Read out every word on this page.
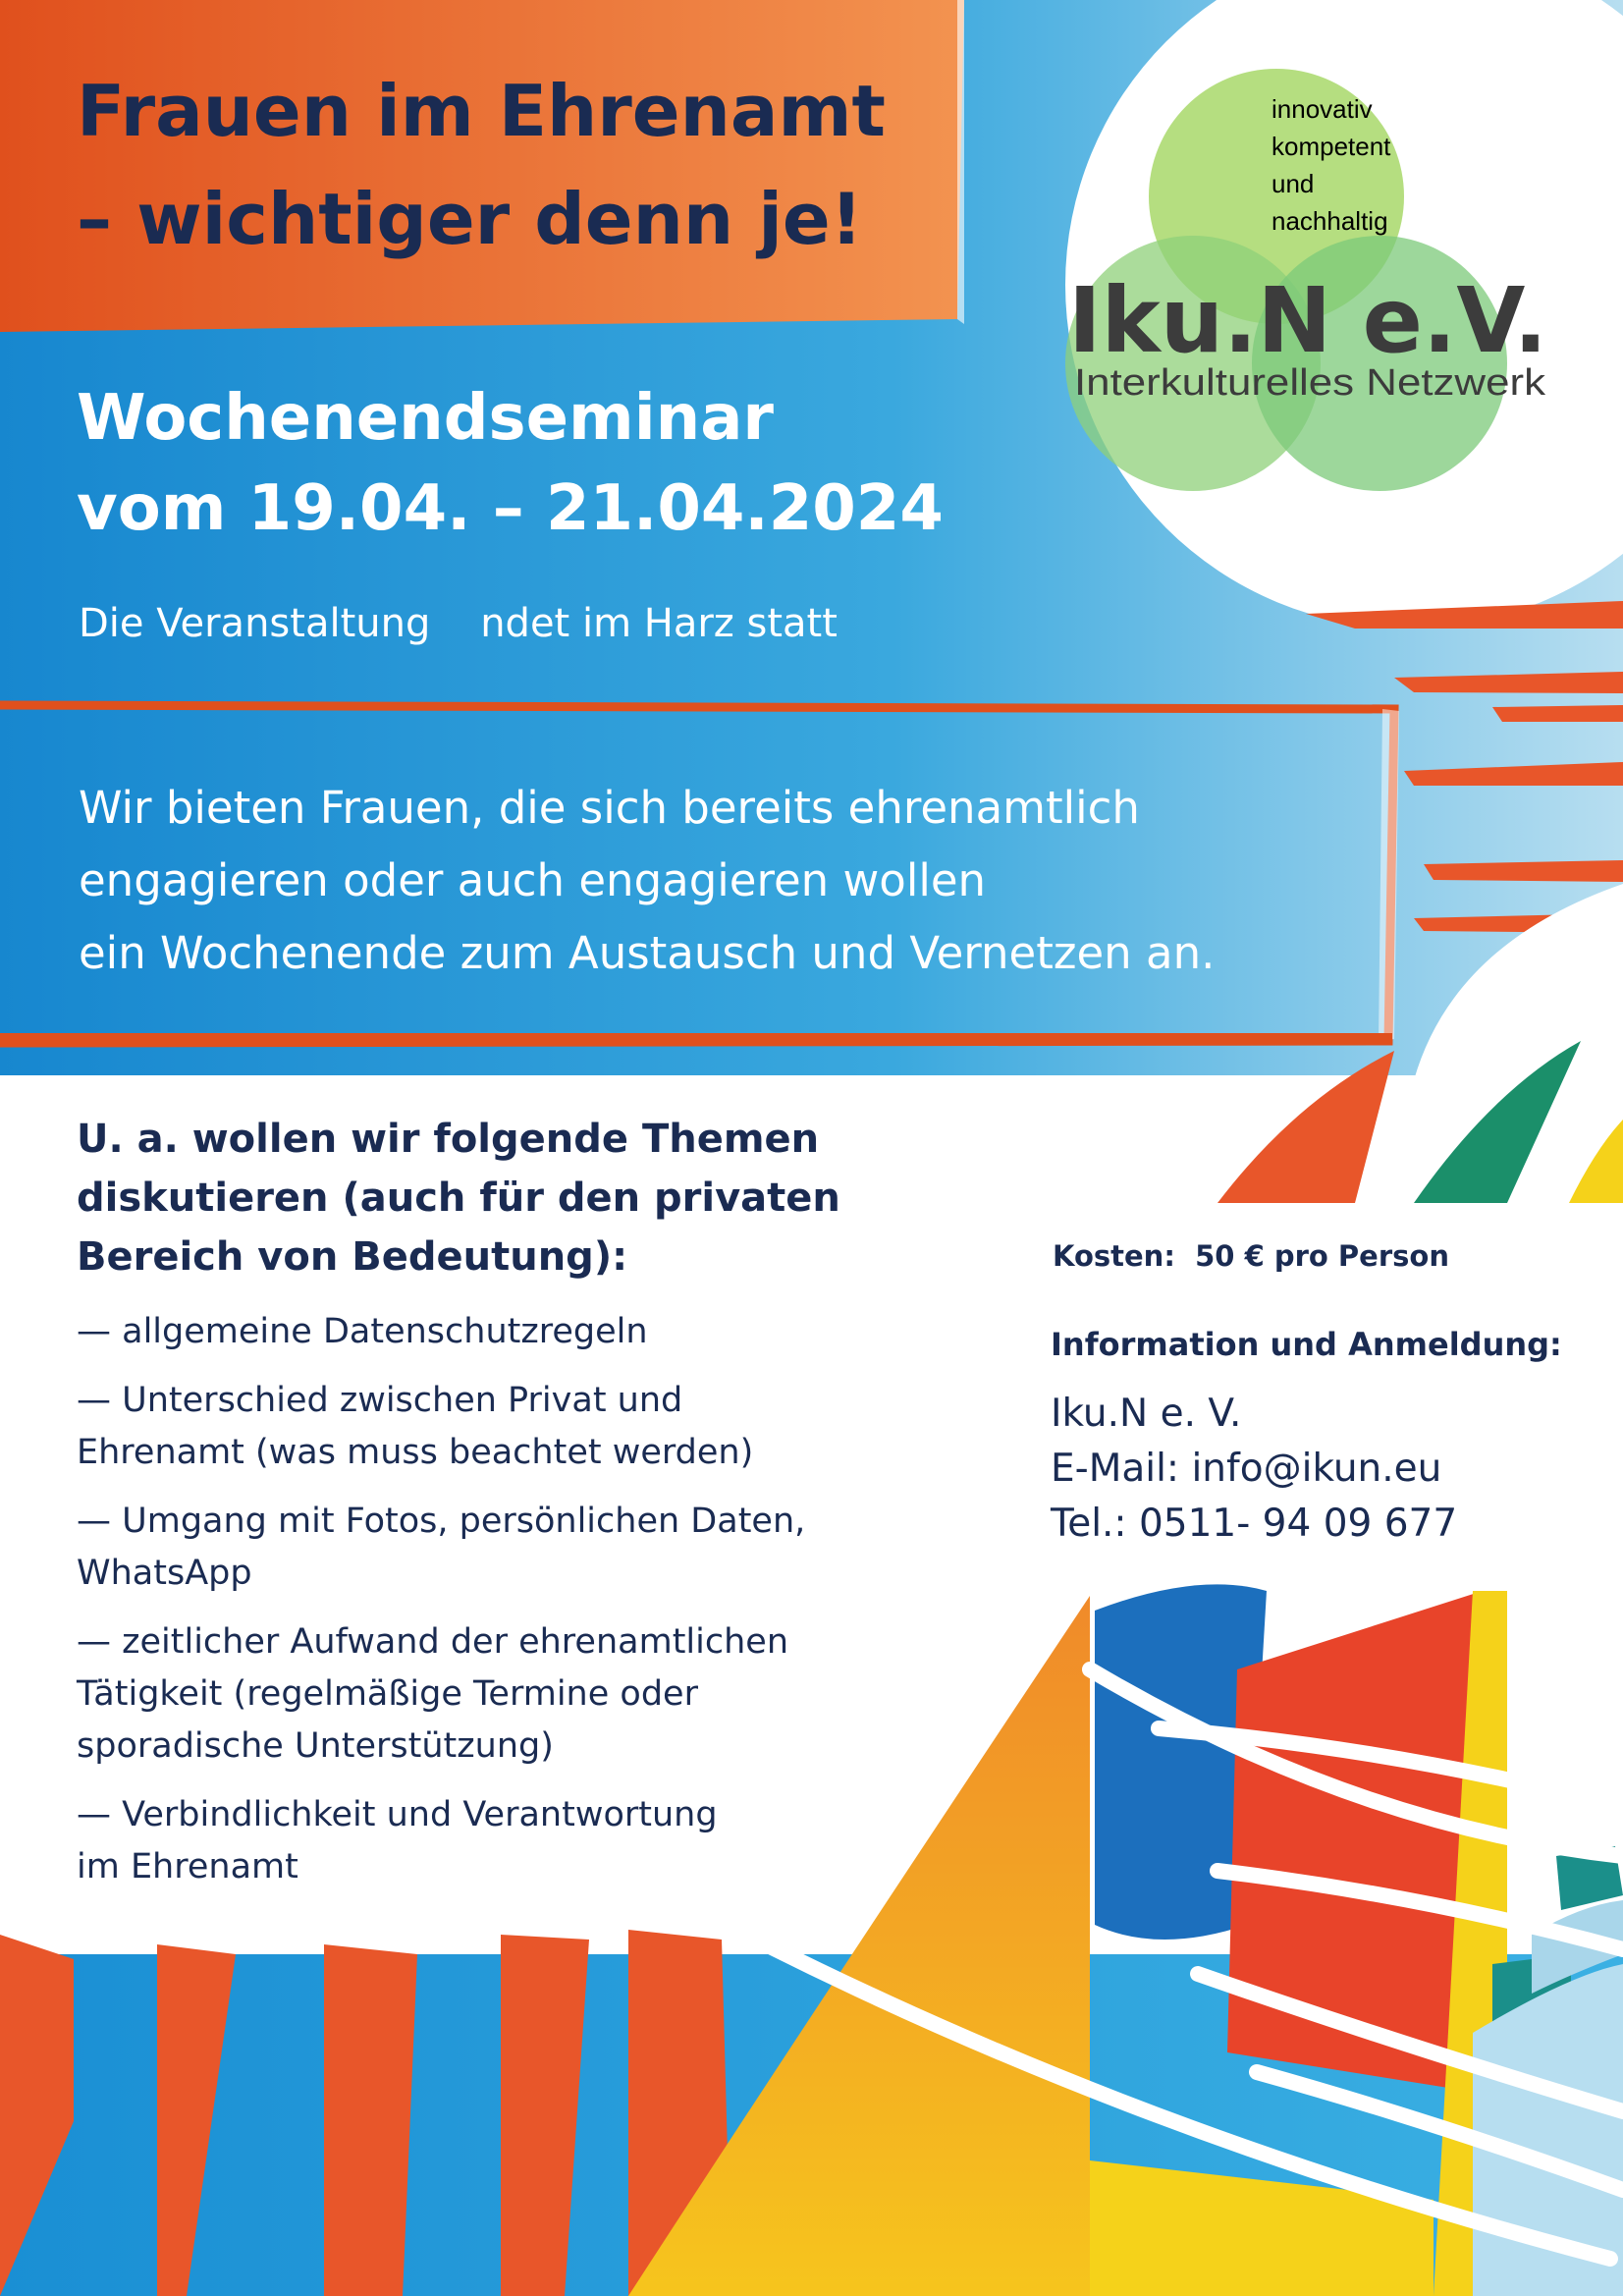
innovativ
kompetent
und
nachhaltig
Iku.N e.V.
Interkulturelles Netzwerk
Frauen im Ehrenamt
– wichtiger denn je!
Wochenendseminar
vom 19.04. – 21.04.2024
Die Veranstaltung    ndet im Harz statt
Wir bieten Frauen, die sich bereits ehrenamtlich
engagieren oder auch engagieren wollen
ein Wochenende zum Austausch und Vernetzen an.
U. a. wollen wir folgende Themen
diskutieren (auch für den privaten
Bereich von Bedeutung):
— allgemeine Datenschutzregeln
— Unterschied zwischen Privat und
Ehrenamt (was muss beachtet werden)
— Umgang mit Fotos, persönlichen Daten,
WhatsApp
— zeitlicher Aufwand der ehrenamtlichen
Tätigkeit (regelmäßige Termine oder
sporadische Unterstützung)
— Verbindlichkeit und Verantwortung
im Ehrenamt
Kosten:  50 € pro Person
Information und Anmeldung:
Iku.N e. V.
E-Mail: info@ikun.eu
Tel.: 0511- 94 09 677
